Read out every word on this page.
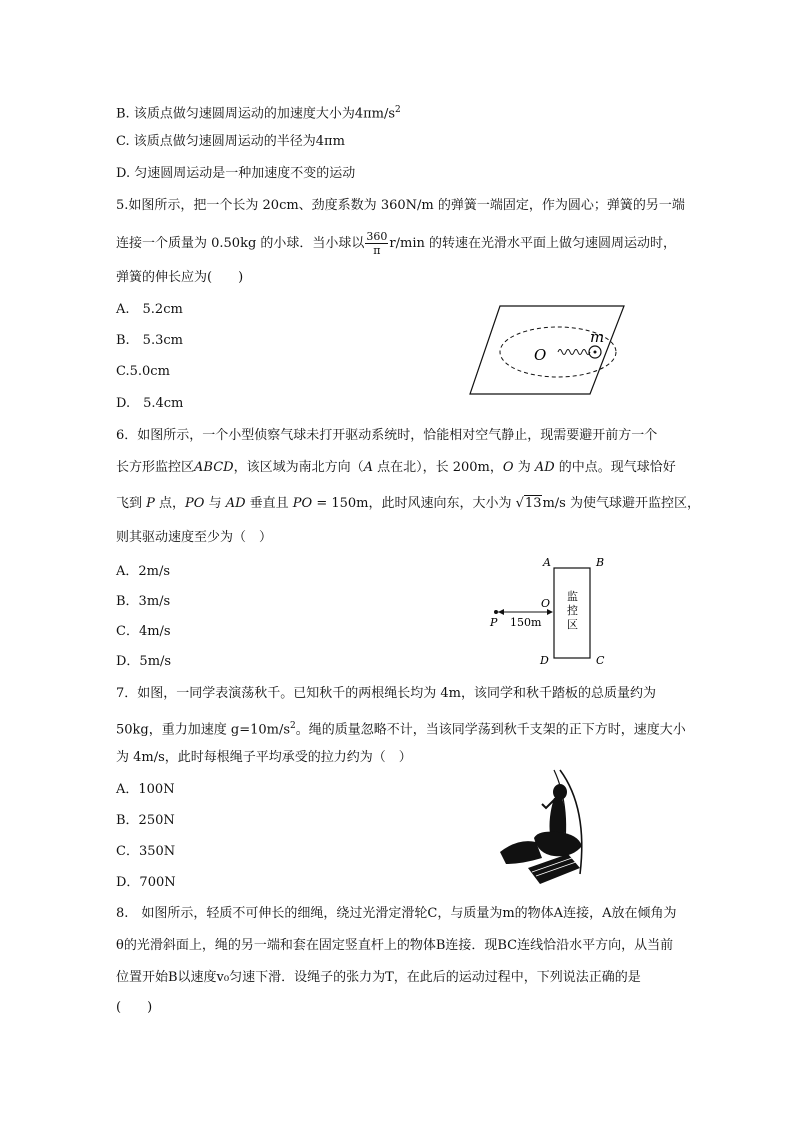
B. 该质点做匀速圆周运动的加速度大小为$4\pi m/s^2$
C. 该质点做匀速圆周运动的半径为4πm
D. 匀速圆周运动是一种加速度不变的运动
5.如图所示，把一个长为 20cm、劲度系数为 360N/m 的弹簧一端固定，作为圆心；弹簧的另一端
连接一个质量为 0.50kg 的小球．当小球以 $\frac{360}{\pi} r/\min$ 的转速在光滑水平面上做匀速圆周运动时，
弹簧的伸长应为(　　)
A.　5.2cm
B.　5.3cm
C.5.0cm
D.　5.4cm
O
m
6．如图所示，一个小型侦察气球未打开驱动系统时，恰能相对空气静止，现需要避开前方一个
长方形监控区ABCD，该区域为南北方向（A 点在北），长 200m，O 为 AD 的中点。现气球恰好
飞到 P 点，PO 与 AD 垂直且 PO = 150m，此时风速向东，大小为 √13m/s 为使气球避开监控区，
则其驱动速度至少为（　）
A．2m/s
B．3m/s
C．4m/s
D．5m/s
A	B
O
P 150m
D	C
监
控
区
7．如图，一同学表演荡秋千。已知秋千的两根绳长均为 4m，该同学和秋千踏板的总质量约为
50kg，重力加速度 $g=10m/s^2$。绳的质量忽略不计，当该同学荡到秋千支架的正下方时，速度大小
为 4m/s，此时每根绳子平均承受的拉力约为（　）
A．100N
B．250N
C．350N
D．700N
8.　如图所示，轻质不可伸长的细绳，绕过光滑定滑轮C，与质量为m的物体A连接，A放在倾角为
θ的光滑斜面上，绳的另一端和套在固定竖直杆上的物体B连接．现BC连线恰沿水平方向，从当前
位置开始B以速度v₀匀速下滑．设绳子的张力为T，在此后的运动过程中，下列说法正确的是
(　　)
